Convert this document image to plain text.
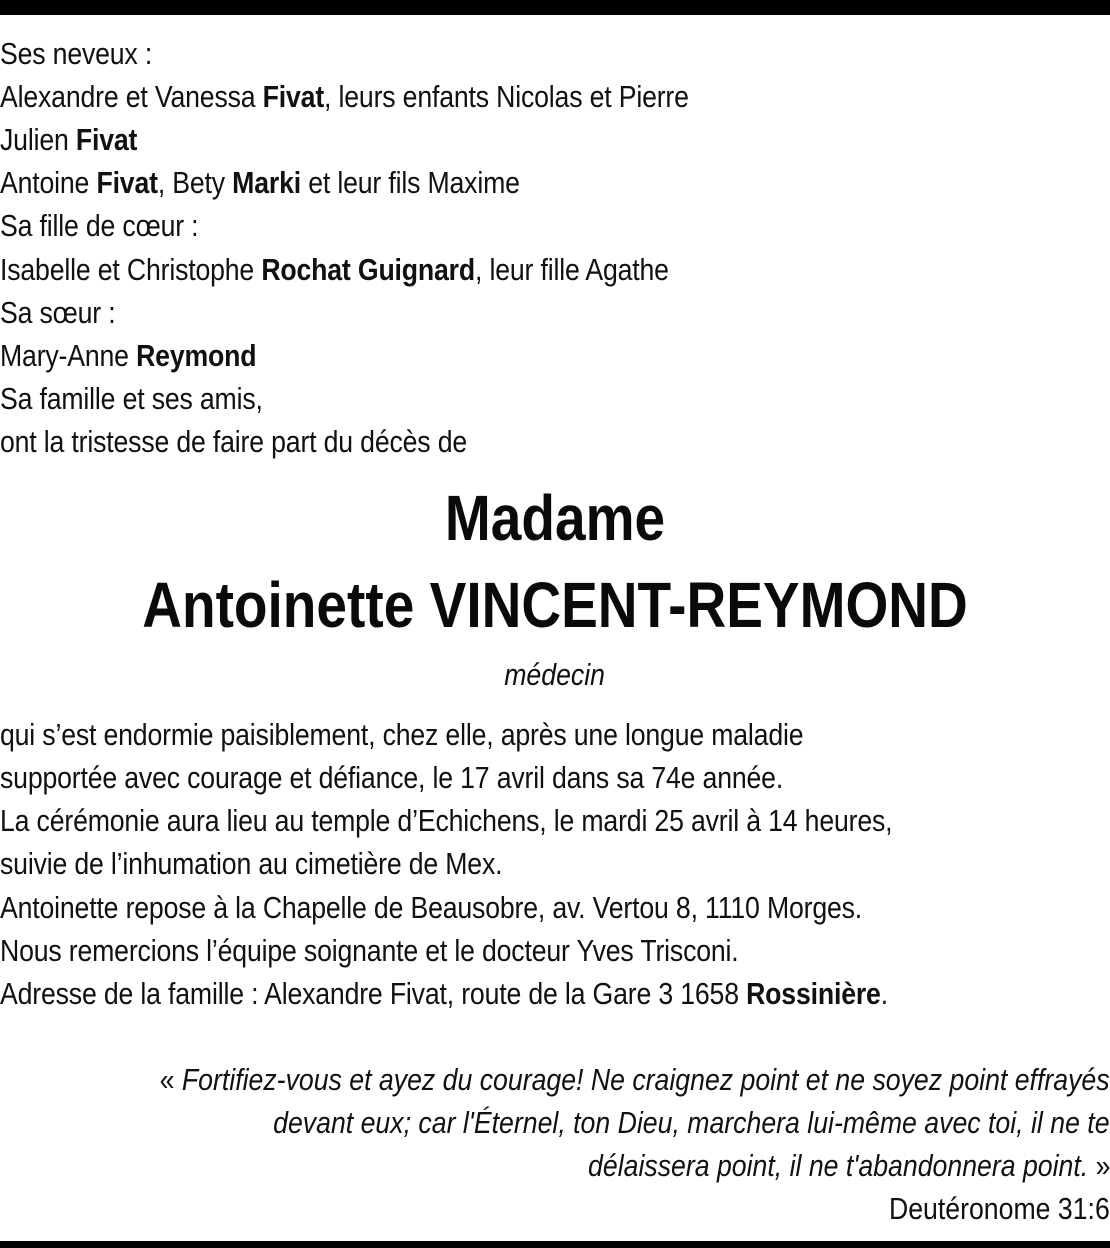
Ses neveux :
Alexandre et Vanessa Fivat, leurs enfants Nicolas et Pierre
Julien Fivat
Antoine Fivat, Bety Marki et leur fils Maxime
Sa fille de cœur :
Isabelle et Christophe Rochat Guignard, leur fille Agathe
Sa sœur :
Mary-Anne Reymond
Sa famille et ses amis,
ont la tristesse de faire part du décès de
Madame
Antoinette VINCENT-REYMOND
médecin
qui s’est endormie paisiblement, chez elle, après une longue maladie
supportée avec courage et défiance, le 17 avril dans sa 74e année.
La cérémonie aura lieu au temple d’Echichens, le mardi 25 avril à 14 heures,
suivie de l’inhumation au cimetière de Mex.
Antoinette repose à la Chapelle de Beausobre, av. Vertou 8, 1110 Morges.
Nous remercions l’équipe soignante et le docteur Yves Trisconi.
Adresse de la famille : Alexandre Fivat, route de la Gare 3 1658 Rossinière.
« Fortifiez-vous et ayez du courage! Ne craignez point et ne soyez point effrayés
devant eux; car l'Éternel, ton Dieu, marchera lui-même avec toi, il ne te
délaissera point, il ne t'abandonnera point. »
Deutéronome 31:6
